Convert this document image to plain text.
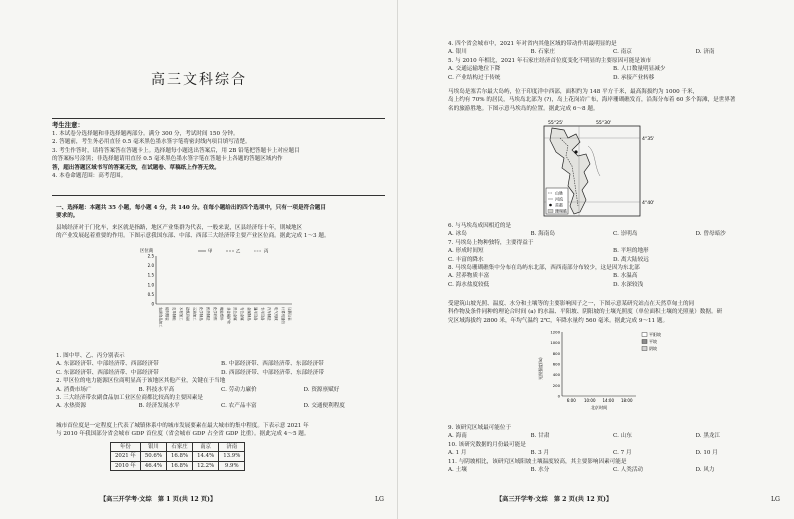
高三文科综合
考生注意：
1. 本试卷分选择题和非选择题两部分。满分 300 分，考试时间 150 分钟。
2. 答题前，考生务必用直径 0.5 毫米黑色墨水签字笔将密封线内项目填写清楚。
3. 考生作答时，请将答案答在答题卡上。选择题每小题选出答案后，用 2B 铅笔把答题卡上对应题目
的答案标号涂黑；非选择题请用直径 0.5 毫米黑色墨水签字笔在答题卡上各题的答题区域内作
答，超出答题区域书写的答案无效，在试题卷、草稿纸上作答无效。
4. 本卷命题范围：高考范围。
一、选择题：本题共 35 小题，每小题 4 分，共 140 分。在每小题给出的四个选项中，只有一项是符合题目
要求的。
县域经济对于门化车，来区就是指路，地区产业集群为代表，一般来说，区县经济每十年，則城地区
的产业发展起着重要的作用。下图示意我国东部、中部、西部三大经济带主要产业区位商。据此完成 1～3 题。
区位商
2.5
2.0
1.5
1.0
0.5
0
农副食品加工 纺织服装 皮革制鞋 木材加工 造纸印刷 石油加工 化学制品 医药制造 化学纤维 橡胶塑料 非金属矿物 黑色金属 有色金属 金属制品 通用设备 专用设备 汽车制造 电气机械 计算机通信 仪器仪表
甲	乙	丙
1. 图中甲、乙、丙分别表示
A. 东部经济带、中部经济带、西部经济带	B. 中部经济带、西部经济带、东部经济带
C. 东部经济带、西部经济带、中部经济带	D. 西部经济带、中部经济带、东部经济带
2. 甲区位的电力能源区位商明显高于该地区其他产业，关键在于当地
A. 消费市场广	B. 科技水平高	C. 劳动力廉价	D. 资源禀赋好
3. 三大经济带农副食品加工业区位商都比较高的主要因素是
A. 水热资源	B. 经济发展水平	C. 农产品丰富	D. 交通便利程度
城市首位度是一定程度上代表了城镇体系中的城市发展要素在最大城市的集中程度。下表示意 2021 年
与 2010 年我国部分省会城市 GDP 首位度（省会城市 GDP 占全省 GDP 比重）。据此完成 4～5 题。
年份	银川	石家庄	南京	济南
2021 年	50.6%	16.8%	14.4%	13.9%
2010 年	46.4%	16.8%	12.2%	9.9%
【高三开学考·文综　第 1 页(共 12 页)】	LG
4. 四个省会城市中，2021 年对省内其他区域的带动作用最明显的是
A. 银川	B. 石家庄	C. 南京	D. 济南
5. 与 2010 年相比，2021 年石家庄经济首位度变化不明显的主要原因可能是该市
A. 交通运输地位下降	B. 人口数量明显减少
C. 产业结构过于传统	D. 承接产业转移
马埃岛是塞舌尔最大岛屿，位于印度洋中西部，面积约为 148 平方千米，最高海拔约为 1000 千米，
岛上约有 70% 的居民，马埃岛北部为 (?)，岛上花岗岩广布，海岸珊瑚礁发育，沿海分布着 60 多个海滩，是世界著
名的旅游胜地。下图示意马埃岛的位置。据此完成 6～8 题。
55°25'	55°30'
4°35'
4°40'
山脉
河流
首都
珊瑚礁
6. 与马埃岛成因相近的是
A. 冰岛	B. 海南岛	C. 崇明岛	D. 曾母暗沙
7. 马埃岛上物种独特，主要得益于
A. 形成时间短	B. 平坦的地形
C. 丰富的降水	D. 离大陆较远
8. 马埃岛珊瑚礁集中分布在岛屿东北部，西西南部分布较少，这是因为东北部
A. 营养物质丰富	B. 水温高
C. 海水盐度较低	D. 水深较浅
受建筑山坡光照、温度、水分和土壤等的主要影响因子之一，下图示意某研究站点在天然草甸土的同
科作物及条件同种的理论合时间 (a) 的水温、平阳坡、阴阳坡的土壤光照度（单位面积土壤的光照量）数据。研
究区域海拔约 2800 米，年均气温约 2℃，年降水量约 560 毫米。据此完成 9～11 题。
光照强度(lx)
1200
1000
800
600
400
200
0
6:00 10:00 14:00 18:00
北京时间
平阳坡
平坡
阴坡
9. 该研究区域最可能位于
A. 海南	B. 甘肃	C. 山东	D. 黑龙江
10. 该研究数据的月份最可能是
A. 1 月	B. 3 月	C. 7 月	D. 10 月
11. 与阴坡相比，该研究区域阳坡土壤温度较高，其主要影响因素可能是
A. 土壤	B. 水分	C. 人类活动	D. 风力
【高三开学考·文综　第 2 页(共 12 页)】	LG
